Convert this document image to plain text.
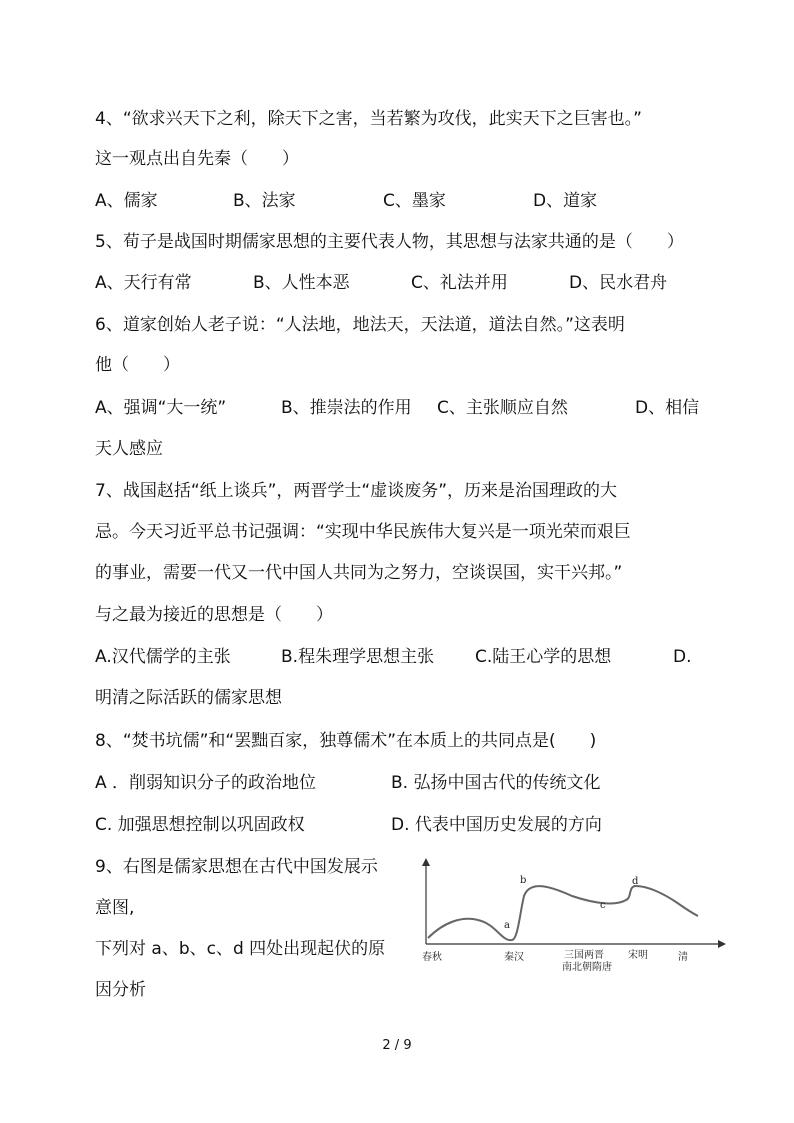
4、“欲求兴天下之利，除天下之害，当若繁为攻伐，此实天下之巨害也。”
这一观点出自先秦（　　）
A、儒家	B、法家	C、墨家	D、道家
5、荀子是战国时期儒家思想的主要代表人物，其思想与法家共通的是（　　）
A、天行有常	B、人性本恶	C、礼法并用	D、民水君舟
6、道家创始人老子说：“人法地，地法天，天法道，道法自然。”这表明
他（　　）
A、强调“大一统”	B、推崇法的作用 C、主张顺应自然	D、相信
天人感应
7、战国赵括“纸上谈兵”，两晋学士“虚谈废务”，历来是治国理政的大
忌。今天习近平总书记强调：“实现中华民族伟大复兴是一项光荣而艰巨
的事业，需要一代又一代中国人共同为之努力，空谈误国，实干兴邦。”
与之最为接近的思想是（　　）
A.汉代儒学的主张	B.程朱理学思想主张 C.陆王心学的思想	D.
明清之际活跃的儒家思想
8、“焚书坑儒”和“罢黜百家，独尊儒术”在本质上的共同点是(　　)
A ．削弱知识分子的政治地位	B. 弘扬中国古代的传统文化
C. 加强思想控制以巩固政权	D. 代表中国历史发展的方向
9、右图是儒家思想在古代中国发展示
意图,
下列对 a、b、c、d 四处出现起伏的原
因分析
a
b
c
d
春秋	秦汉	三国两晋
南北朝隋唐
宋明	清
2 / 9
